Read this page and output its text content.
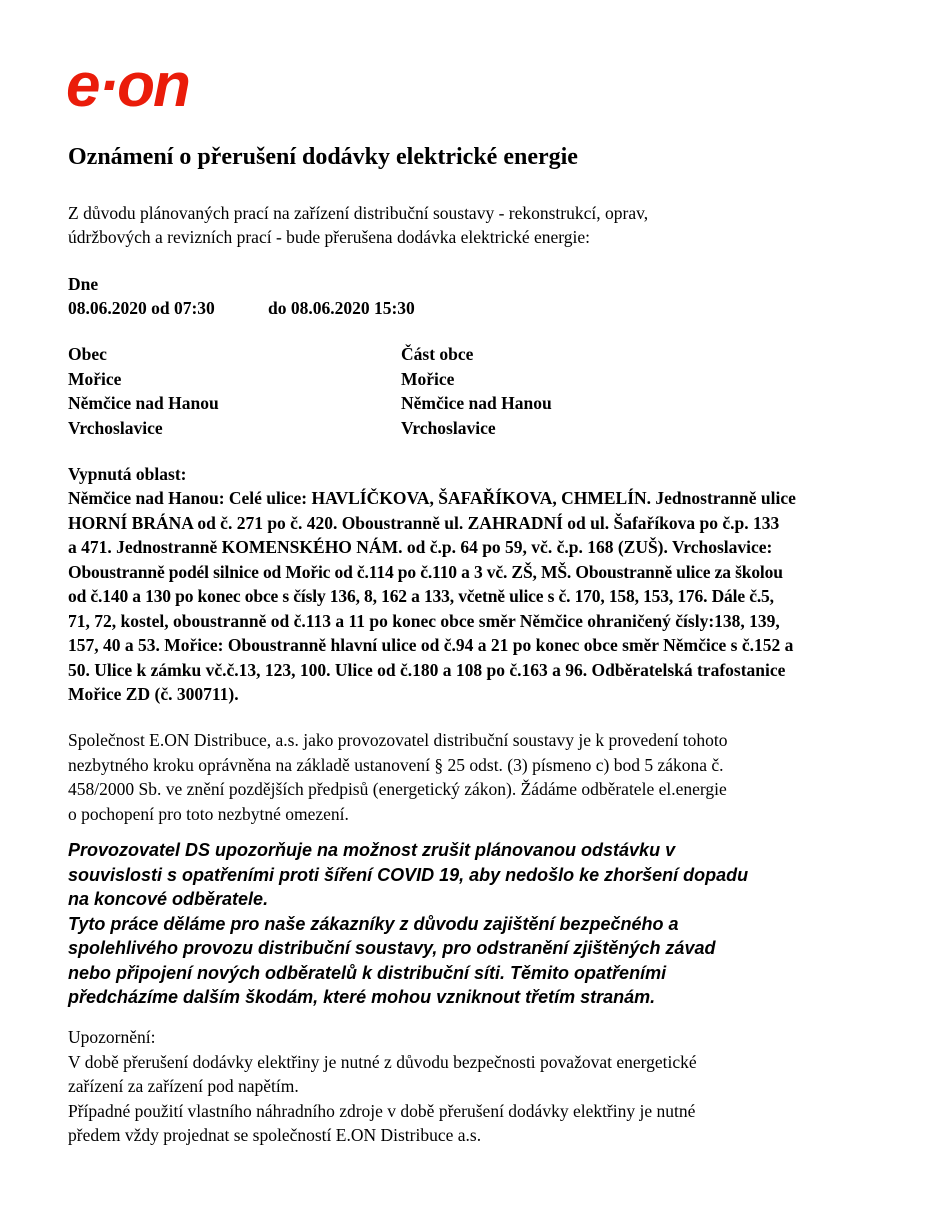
e·on
Oznámení o přerušení dodávky elektrické energie
Z důvodu plánovaných prací na zařízení distribuční soustavy - rekonstrukcí, oprav,
údržbových a revizních prací - bude přerušena dodávka elektrické energie:
Dne
08.06.2020 od 07:30	do 08.06.2020 15:30
Obec
Mořice
Němčice nad Hanou
Vrchoslavice
Část obce
Mořice
Němčice nad Hanou
Vrchoslavice
Vypnutá oblast:
Němčice nad Hanou: Celé ulice: HAVLÍČKOVA, ŠAFAŘÍKOVA, CHMELÍN. Jednostranně ulice
HORNÍ BRÁNA od č. 271 po č. 420. Oboustranně ul. ZAHRADNÍ od ul. Šafaříkova po č.p. 133
a 471. Jednostranně KOMENSKÉHO NÁM. od č.p. 64 po 59, vč. č.p. 168 (ZUŠ). Vrchoslavice:
Oboustranně podél silnice od Mořic od č.114 po č.110 a 3 vč. ZŠ, MŠ. Oboustranně ulice za školou
od č.140 a 130 po konec obce s čísly 136, 8, 162 a 133, včetně ulice s č. 170, 158, 153, 176. Dále č.5,
71, 72, kostel, oboustranně od č.113 a 11 po konec obce směr Němčice ohraničený čísly:138, 139,
157, 40 a 53. Mořice: Oboustranně hlavní ulice od č.94 a 21 po konec obce směr Němčice s č.152 a
50. Ulice k zámku vč.č.13, 123, 100. Ulice od č.180 a 108 po č.163 a 96. Odběratelská trafostanice
Mořice ZD (č. 300711).
Společnost E.ON Distribuce, a.s. jako provozovatel distribuční soustavy je k provedení tohoto
nezbytného kroku oprávněna na základě ustanovení § 25 odst. (3) písmeno c) bod 5 zákona č.
458/2000 Sb. ve znění pozdějších předpisů (energetický zákon). Žádáme odběratele el.energie
o pochopení pro toto nezbytné omezení.
Provozovatel DS upozorňuje na možnost zrušit plánovanou odstávku v
souvislosti s opatřeními proti šíření COVID 19, aby nedošlo ke zhoršení dopadu
na koncové odběratele.
Tyto práce děláme pro naše zákazníky z důvodu zajištění bezpečného a
spolehlivého provozu distribuční soustavy, pro odstranění zjištěných závad
nebo připojení nových odběratelů k distribuční síti. Těmito opatřeními
předcházíme dalším škodám, které mohou vzniknout třetím stranám.
Upozornění:
V době přerušení dodávky elektřiny je nutné z důvodu bezpečnosti považovat energetické
zařízení za zařízení pod napětím.
Případné použití vlastního náhradního zdroje v době přerušení dodávky elektřiny je nutné
předem vždy projednat se společností E.ON Distribuce a.s.
